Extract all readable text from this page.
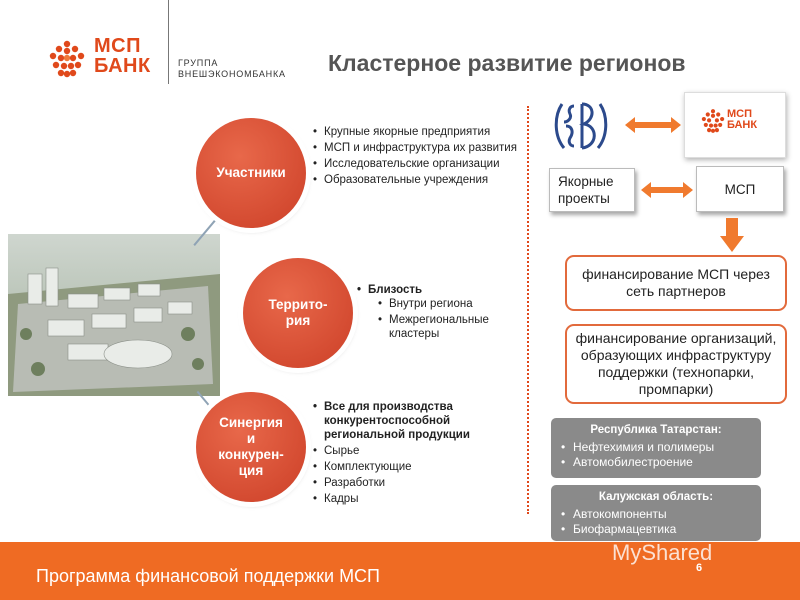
МСП
БАНК	ГРУППА
ВНЕШЭКОНОМБАНКА Кластерное развитие регионов
Участники
Террито-
рия
Синергия
и
конкурен-
ция
• Крупные якорные предприятия
• МСП и инфраструктура их развития
• Исследовательские организации
• Образовательные учреждения
• Близость
• Внутри региона
• Межрегиональные кластеры
• Все для производства конкурентоспособной региональной продукции
• Сырье
• Комплектующие
• Разработки
• Кадры
МСП
БАНК
Якорные проекты
МСП
финансирование МСП через сеть партнеров
финансирование организаций, образующих инфраструктуру поддержки (технопарки, промпарки)
Республика Татарстан:
• Нефтехимия и полимеры
• Автомобилестроение
Калужская область:
• Автокомпоненты
• Биофармацевтика
Программа финансовой поддержки МСП	6
MyShared
